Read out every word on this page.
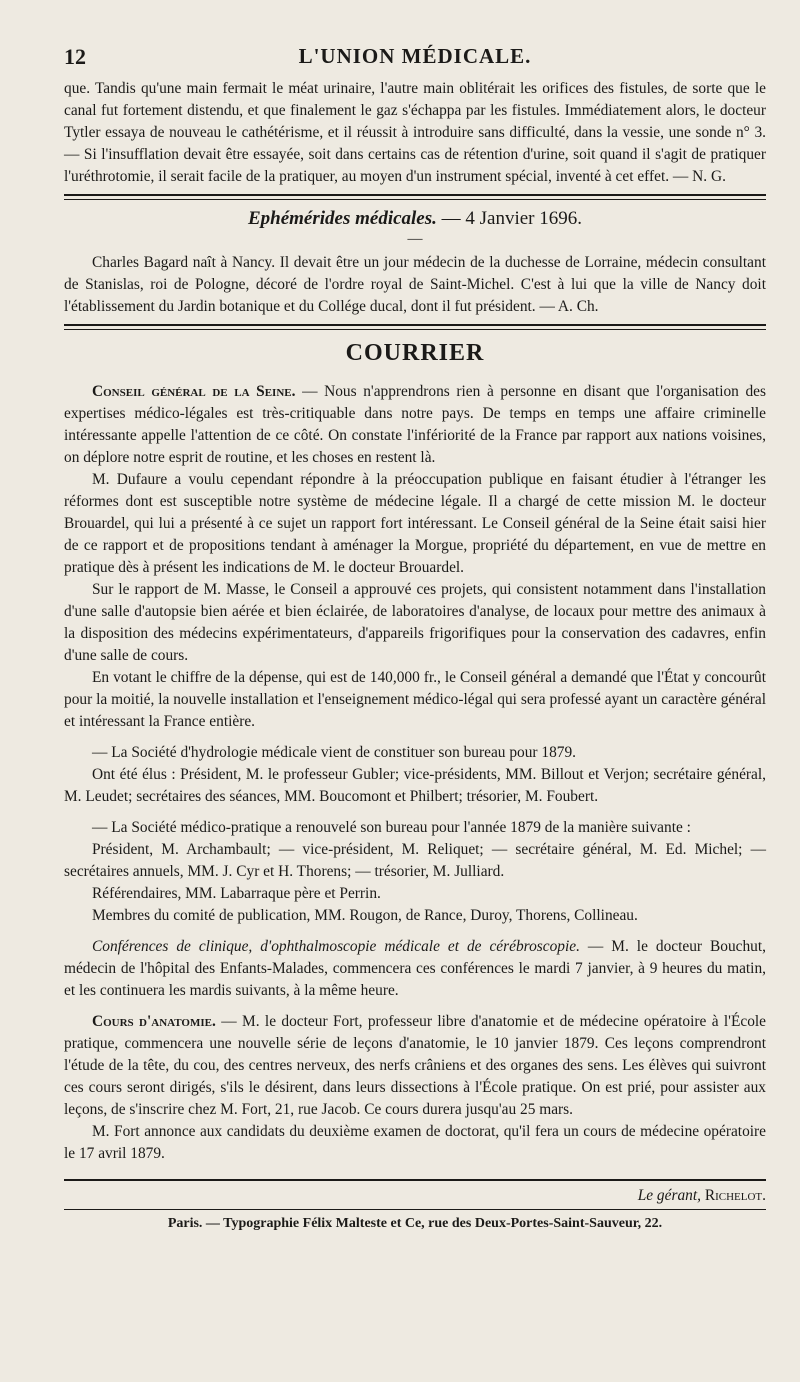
12	L'UNION MÉDICALE.

que. Tandis qu'une main fermait le méat urinaire, l'autre main oblitérait les orifices des fistules, de sorte que le canal fut fortement distendu, et que finalement le gaz s'échappa par les fistules. Immédiatement alors, le docteur Tytler essaya de nouveau le cathétérisme, et il réussit à introduire sans difficulté, dans la vessie, une sonde n° 3. — Si l'insufflation devait être essayée, soit dans certains cas de rétention d'urine, soit quand il s'agit de pratiquer l'uréthrotomie, il serait facile de la pratiquer, au moyen d'un instrument spécial, inventé à cet effet. — N. G.

Ephémérides médicales. — 4 Janvier 1696.
—

Charles Bagard naît à Nancy. Il devait être un jour médecin de la duchesse de Lorraine, médecin consultant de Stanislas, roi de Pologne, décoré de l'ordre royal de Saint-Michel. C'est à lui que la ville de Nancy doit l'établissement du Jardin botanique et du Collége ducal, dont il fut président. — A. Ch.

COURRIER

Conseil général de la Seine. — Nous n'apprendrons rien à personne en disant que l'organisation des expertises médico-légales est très-critiquable dans notre pays. De temps en temps une affaire criminelle intéressante appelle l'attention de ce côté. On constate l'infériorité de la France par rapport aux nations voisines, on déplore notre esprit de routine, et les choses en restent là.

M. Dufaure a voulu cependant répondre à la préoccupation publique en faisant étudier à l'étranger les réformes dont est susceptible notre système de médecine légale. Il a chargé de cette mission M. le docteur Brouardel, qui lui a présenté à ce sujet un rapport fort intéressant. Le Conseil général de la Seine était saisi hier de ce rapport et de propositions tendant à aménager la Morgue, propriété du département, en vue de mettre en pratique dès à présent les indications de M. le docteur Brouardel.

Sur le rapport de M. Masse, le Conseil a approuvé ces projets, qui consistent notamment dans l'installation d'une salle d'autopsie bien aérée et bien éclairée, de laboratoires d'analyse, de locaux pour mettre des animaux à la disposition des médecins expérimentateurs, d'appareils frigorifiques pour la conservation des cadavres, enfin d'une salle de cours.

En votant le chiffre de la dépense, qui est de 140,000 fr., le Conseil général a demandé que l'État y concourût pour la moitié, la nouvelle installation et l'enseignement médico-légal qui sera professé ayant un caractère général et intéressant la France entière.

— La Société d'hydrologie médicale vient de constituer son bureau pour 1879.

Ont été élus : Président, M. le professeur Gubler; vice-présidents, MM. Billout et Verjon; secrétaire général, M. Leudet; secrétaires des séances, MM. Boucomont et Philbert; trésorier, M. Foubert.

— La Société médico-pratique a renouvelé son bureau pour l'année 1879 de la manière suivante :

Président, M. Archambault; — vice-président, M. Reliquet; — secrétaire général, M. Ed. Michel; — secrétaires annuels, MM. J. Cyr et H. Thorens; — trésorier, M. Julliard.

Référendaires, MM. Labarraque père et Perrin.

Membres du comité de publication, MM. Rougon, de Rance, Duroy, Thorens, Collineau.

Conférences de clinique, d'ophthalmoscopie médicale et de cérébroscopie. — M. le docteur Bouchut, médecin de l'hôpital des Enfants-Malades, commencera ces conférences le mardi 7 janvier, à 9 heures du matin, et les continuera les mardis suivants, à la même heure.

Cours d'anatomie. — M. le docteur Fort, professeur libre d'anatomie et de médecine opératoire à l'École pratique, commencera une nouvelle série de leçons d'anatomie, le 10 janvier 1879. Ces leçons comprendront l'étude de la tête, du cou, des centres nerveux, des nerfs crâniens et des organes des sens. Les élèves qui suivront ces cours seront dirigés, s'ils le désirent, dans leurs dissections à l'École pratique. On est prié, pour assister aux leçons, de s'inscrire chez M. Fort, 21, rue Jacob. Ce cours durera jusqu'au 25 mars.

M. Fort annonce aux candidats du deuxième examen de doctorat, qu'il fera un cours de médecine opératoire le 17 avril 1879.

Le gérant, Richelot.
Paris. — Typographie Félix Malteste et Ce, rue des Deux-Portes-Saint-Sauveur, 22.
